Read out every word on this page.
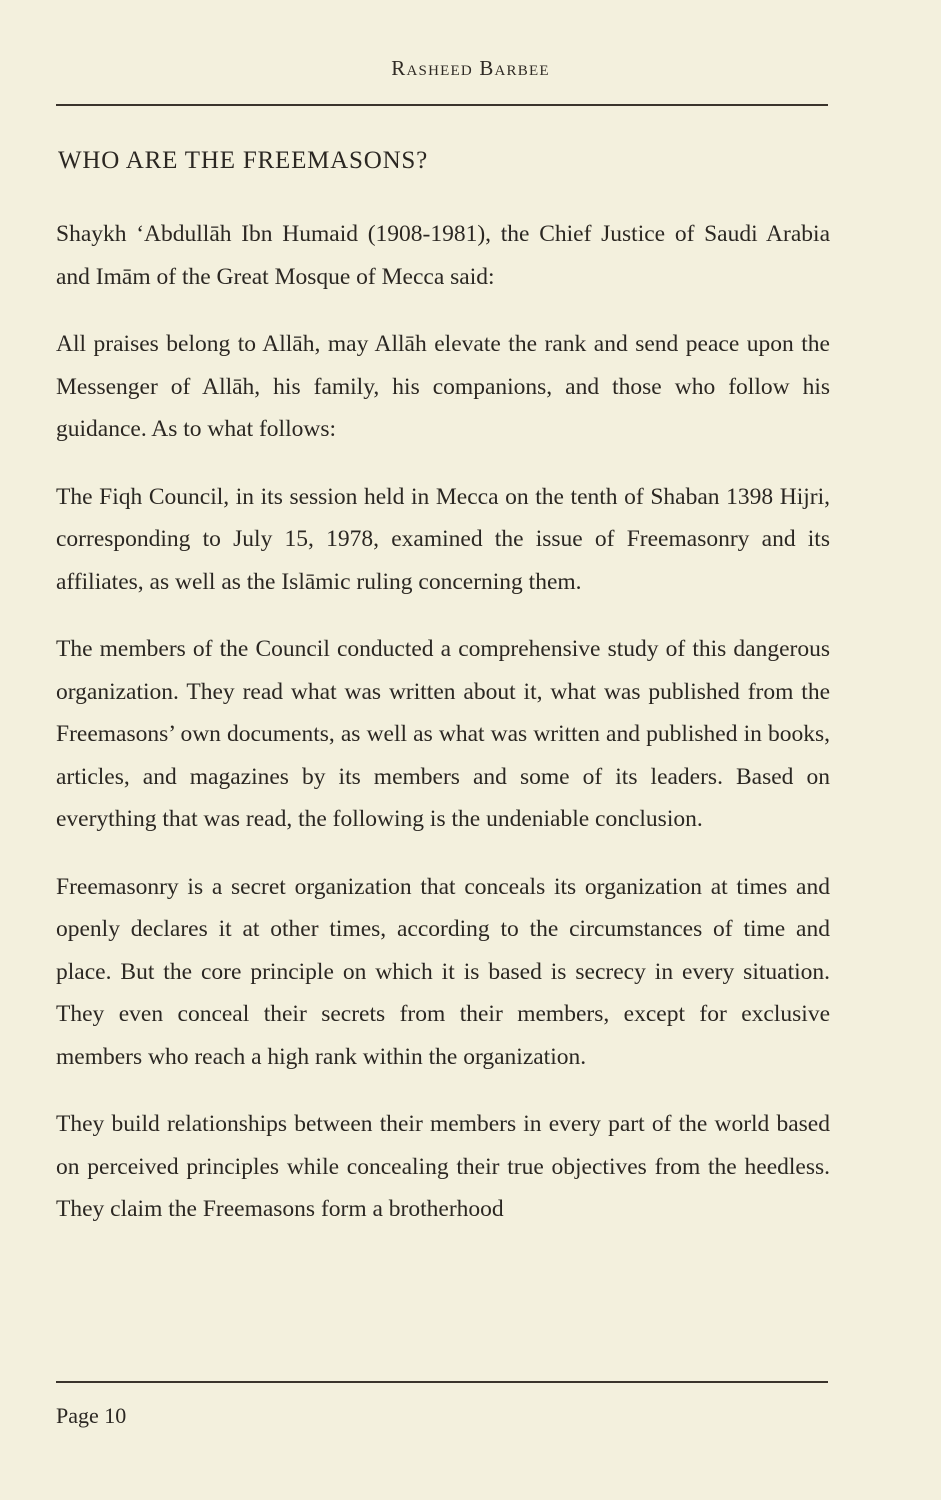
Rasheed Barbee
WHO ARE THE FREEMASONS?

Shaykh ‘Abdullāh Ibn Humaid (1908-1981), the Chief Justice of Saudi Arabia and Imām of the Great Mosque of Mecca said:

All praises belong to Allāh, may Allāh elevate the rank and send peace upon the Messenger of Allāh, his family, his companions, and those who follow his guidance. As to what follows:

The Fiqh Council, in its session held in Mecca on the tenth of Shaban 1398 Hijri, corresponding to July 15, 1978, examined the issue of Freemasonry and its affiliates, as well as the Islāmic ruling concerning them.

The members of the Council conducted a comprehensive study of this dangerous organization. They read what was written about it, what was published from the Freemasons’ own documents, as well as what was written and published in books, articles, and magazines by its members and some of its leaders. Based on everything that was read, the following is the undeniable conclusion.

Freemasonry is a secret organization that conceals its organization at times and openly declares it at other times, according to the circumstances of time and place. But the core principle on which it is based is secrecy in every situation. They even conceal their secrets from their members, except for exclusive members who reach a high rank within the organization.

They build relationships between their members in every part of the world based on perceived principles while concealing their true objectives from the heedless. They claim the Freemasons form a brotherhood

Page 10
